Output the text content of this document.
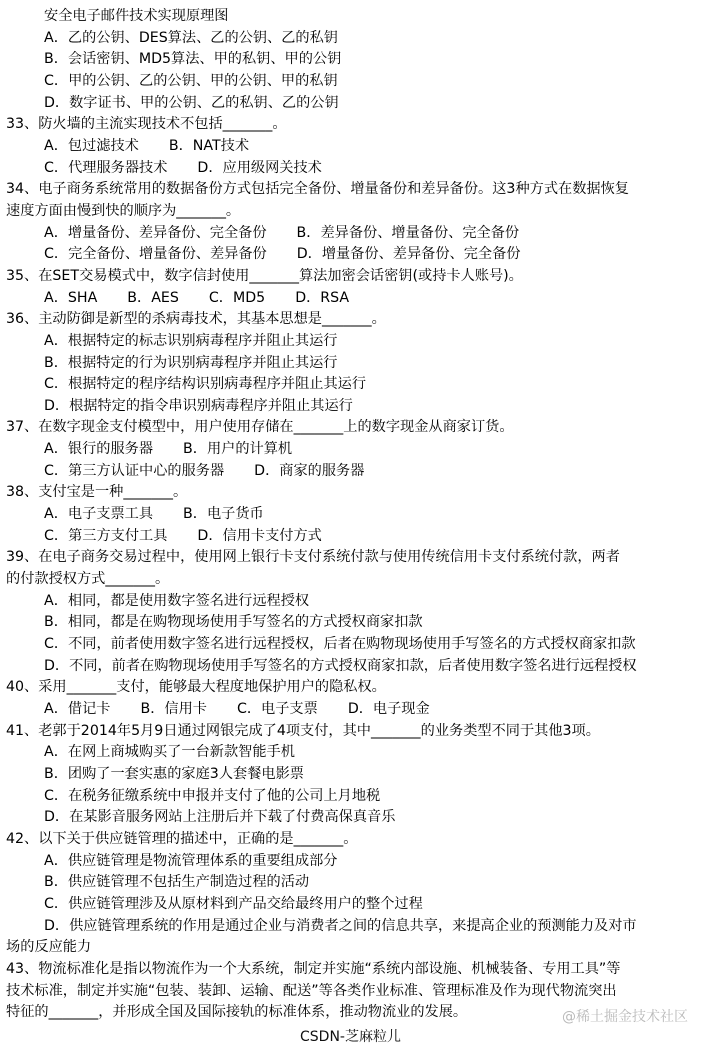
安全电子邮件技术实现原理图
A．乙的公钥、DES算法、乙的公钥、乙的私钥
B．会话密钥、MD5算法、甲的私钥、甲的公钥
C．甲的公钥、乙的公钥、甲的公钥、甲的私钥
D．数字证书、甲的公钥、乙的私钥、乙的公钥
33、防火墙的主流实现技术不包括_______。
A．包过滤技术 B．NAT技术
C．代理服务器技术 D．应用级网关技术
34、电子商务系统常用的数据备份方式包括完全备份、增量备份和差异备份。这3种方式在数据恢复
速度方面由慢到快的顺序为_______。
A．增量备份、差异备份、完全备份 B．差异备份、增量备份、完全备份
C．完全备份、增量备份、差异备份 D．增量备份、差异备份、完全备份
35、在SET交易模式中，数字信封使用_______算法加密会话密钥(或持卡人账号)。
A．SHA B．AES C．MD5 D．RSA
36、主动防御是新型的杀病毒技术，其基本思想是_______。
A．根据特定的标志识别病毒程序并阻止其运行
B．根据特定的行为识别病毒程序并阻止其运行
C．根据特定的程序结构识别病毒程序并阻止其运行
D．根据特定的指令串识别病毒程序并阻止其运行
37、在数字现金支付模型中，用户使用存储在_______上的数字现金从商家订货。
A．银行的服务器 B．用户的计算机
C．第三方认证中心的服务器 D．商家的服务器
38、支付宝是一种_______。
A．电子支票工具 B．电子货币
C．第三方支付工具 D．信用卡支付方式
39、在电子商务交易过程中，使用网上银行卡支付系统付款与使用传统信用卡支付系统付款，两者
的付款授权方式_______。
A．相同，都是使用数字签名进行远程授权
B．相同，都是在购物现场使用手写签名的方式授权商家扣款
C．不同，前者使用数字签名进行远程授权，后者在购物现场使用手写签名的方式授权商家扣款
D．不同，前者在购物现场使用手写签名的方式授权商家扣款，后者使用数字签名进行远程授权
40、采用_______支付，能够最大程度地保护用户的隐私权。
A．借记卡 B．信用卡 C．电子支票 D．电子现金
41、老郭于2014年5月9日通过网银完成了4项支付，其中_______的业务类型不同于其他3项。
A．在网上商城购买了一台新款智能手机
B．团购了一套实惠的家庭3人套餐电影票
C．在税务征缴系统中申报并支付了他的公司上月地税
D．在某影音服务网站上注册后并下载了付费高保真音乐
42、以下关于供应链管理的描述中，正确的是_______。
A．供应链管理是物流管理体系的重要组成部分
B．供应链管理不包括生产制造过程的活动
C．供应链管理涉及从原材料到产品交给最终用户的整个过程
D．供应链管理系统的作用是通过企业与消费者之间的信息共享，来提高企业的预测能力及对市
场的反应能力
43、物流标准化是指以物流作为一个大系统，制定并实施“系统内部设施、机械装备、专用工具”等
技术标准，制定并实施“包装、装卸、运输、配送”等各类作业标准、管理标准及作为现代物流突出
特征的_______，并形成全国及国际接轨的标准体系，推动物流业的发展。
CSDN-芝麻粒儿
@稀土掘金技术社区
